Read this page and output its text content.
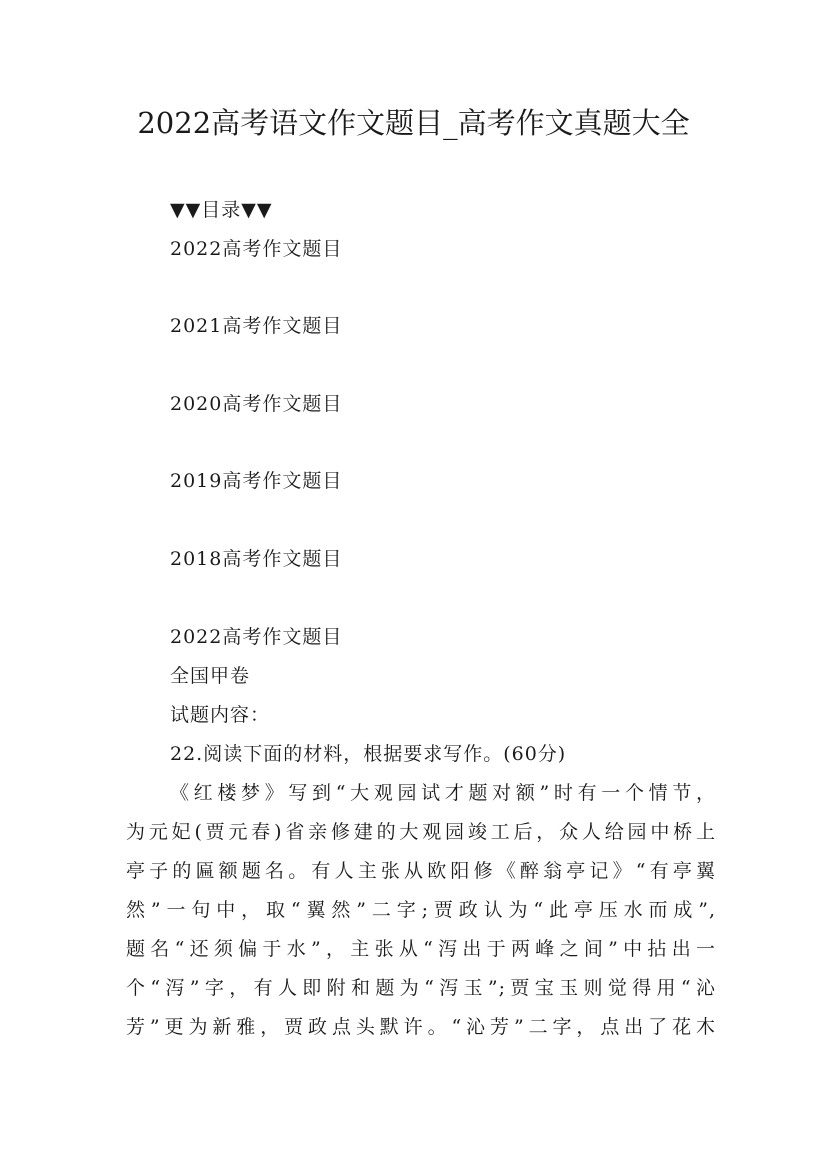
2022高考语文作文题目_高考作文真题大全
▼▼目录▼▼
2022高考作文题目
2021高考作文题目
2020高考作文题目
2019高考作文题目
2018高考作文题目
2022高考作文题目
全国甲卷
试题内容：
22.阅读下面的材料，根据要求写作。(60分)
《红楼梦》写到“大观园试才题对额”时有一个情节，
为元妃(贾元春)省亲修建的大观园竣工后，众人给园中桥上
亭子的匾额题名。有人主张从欧阳修《醉翁亭记》“有亭翼
然”一句中，取“翼然”二字;贾政认为“此亭压水而成”,
题名“还须偏于水”，主张从“泻出于两峰之间”中拈出一
个“泻”字，有人即附和题为“泻玉”;贾宝玉则觉得用“沁
芳”更为新雅，贾政点头默许。“沁芳”二字，点出了花木
